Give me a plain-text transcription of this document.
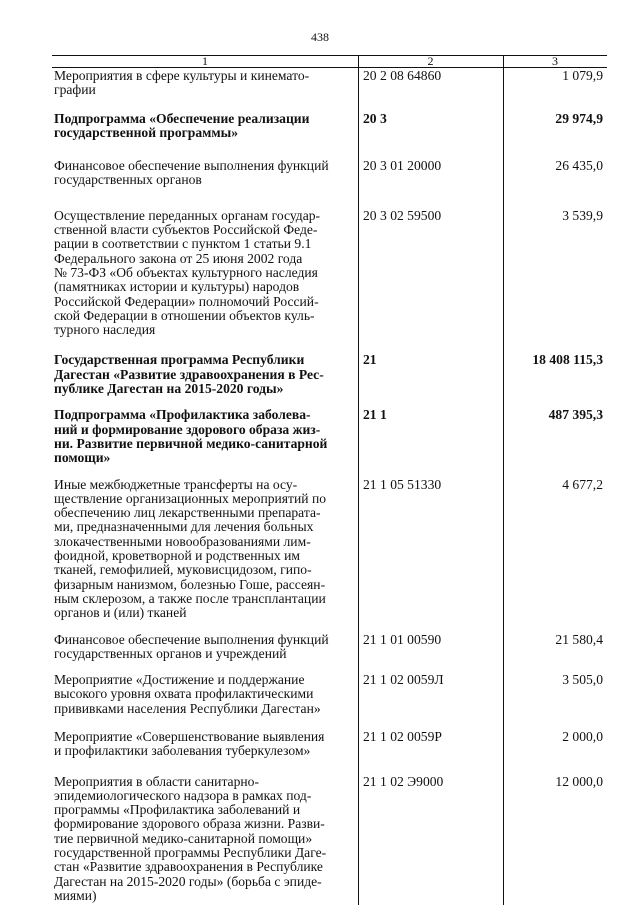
438
1	2	3
Мероприятия в сфере культуры и кинемато-
графии
20 2 08 64860	1 079,9
Подпрограмма «Обеспечение реализации
государственной программы»
20 3	29 974,9
Финансовое обеспечение выполнения функций
государственных органов
20 3 01 20000	26 435,0
Осуществление переданных органам государ-
ственной власти субъектов Российской Феде-
рации в соответствии с пунктом 1 статьи 9.1
Федерального закона от 25 июня 2002 года
№ 73-ФЗ «Об объектах культурного наследия
(памятниках истории и культуры) народов
Российской Федерации» полномочий Россий-
ской Федерации в отношении объектов куль-
турного наследия
20 3 02 59500	3 539,9
Государственная программа Республики
Дагестан «Развитие здравоохранения в Рес-
публике Дагестан на 2015-2020 годы»
21	18 408 115,3
Подпрограмма «Профилактика заболева-
ний и формирование здорового образа жиз-
ни. Развитие первичной медико-санитарной
помощи»
21 1	487 395,3
Иные межбюджетные трансферты на осу-
ществление организационных мероприятий по
обеспечению лиц лекарственными препарата-
ми, предназначенными для лечения больных
злокачественными новообразованиями лим-
фоидной, кроветворной и родственных им
тканей, гемофилией, муковисцидозом, гипо-
физарным нанизмом, болезнью Гоше, рассеян-
ным склерозом, а также после трансплантации
органов и (или) тканей
21 1 05 51330	4 677,2
Финансовое обеспечение выполнения функций
государственных органов и учреждений
21 1 01 00590	21 580,4
Мероприятие «Достижение и поддержание
высокого уровня охвата профилактическими
прививками населения Республики Дагестан»
21 1 02 0059Л	3 505,0
Мероприятие «Совершенствование выявления
и профилактики заболевания туберкулезом»
21 1 02 0059Р	2 000,0
Мероприятия в области санитарно-
эпидемиологического надзора в рамках под-
программы «Профилактика заболеваний и
формирование здорового образа жизни. Разви-
тие первичной медико-санитарной помощи»
государственной программы Республики Даге-
стан «Развитие здравоохранения в Республике
Дагестан на 2015-2020 годы» (борьба с эпиде-
миями)
21 1 02 Э9000	12 000,0
